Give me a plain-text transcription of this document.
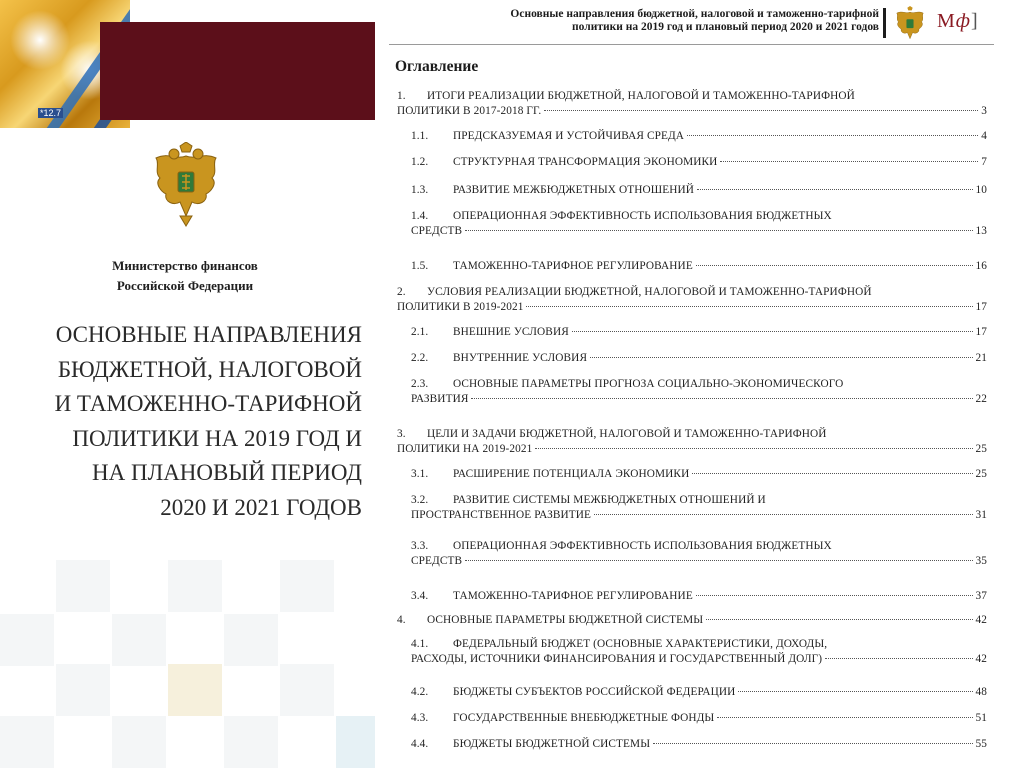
*12.7
Министерство финансов
Российской Федерации
ОСНОВНЫЕ НАПРАВЛЕНИЯ
БЮДЖЕТНОЙ, НАЛОГОВОЙ
И ТАМОЖЕННО-ТАРИФНОЙ
ПОЛИТИКИ НА 2019 ГОД И
НА ПЛАНОВЫЙ ПЕРИОД
2020 И 2021 ГОДОВ
Основные направления бюджетной, налоговой и таможенно-тарифной
политики на 2019 год и плановый период 2020 и 2021 годов	Мф]
Оглавление
1. ИТОГИ РЕАЛИЗАЦИИ БЮДЖЕТНОЙ, НАЛОГОВОЙ И ТАМОЖЕННО-ТАРИФНОЙ
ПОЛИТИКИ В 2017-2018 ГГ.	3
1.1. ПРЕДСКАЗУЕМАЯ И УСТОЙЧИВАЯ СРЕДА	4
1.2. СТРУКТУРНАЯ ТРАНСФОРМАЦИЯ ЭКОНОМИКИ	7
1.3. РАЗВИТИЕ МЕЖБЮДЖЕТНЫХ ОТНОШЕНИЙ	10
1.4. ОПЕРАЦИОННАЯ ЭФФЕКТИВНОСТЬ ИСПОЛЬЗОВАНИЯ БЮДЖЕТНЫХ
СРЕДСТВ	13
1.5. ТАМОЖЕННО-ТАРИФНОЕ РЕГУЛИРОВАНИЕ	16
2. УСЛОВИЯ РЕАЛИЗАЦИИ БЮДЖЕТНОЙ, НАЛОГОВОЙ И ТАМОЖЕННО-ТАРИФНОЙ
ПОЛИТИКИ В 2019-2021	17
2.1. ВНЕШНИЕ УСЛОВИЯ	17
2.2. ВНУТРЕННИЕ УСЛОВИЯ	21
2.3. ОСНОВНЫЕ ПАРАМЕТРЫ ПРОГНОЗА СОЦИАЛЬНО-ЭКОНОМИЧЕСКОГО
РАЗВИТИЯ	22
3. ЦЕЛИ И ЗАДАЧИ БЮДЖЕТНОЙ, НАЛОГОВОЙ И ТАМОЖЕННО-ТАРИФНОЙ
ПОЛИТИКИ НА 2019-2021	25
3.1. РАСШИРЕНИЕ ПОТЕНЦИАЛА ЭКОНОМИКИ	25
3.2. РАЗВИТИЕ СИСТЕМЫ МЕЖБЮДЖЕТНЫХ ОТНОШЕНИЙ И
ПРОСТРАНСТВЕННОЕ РАЗВИТИЕ	31
3.3. ОПЕРАЦИОННАЯ ЭФФЕКТИВНОСТЬ ИСПОЛЬЗОВАНИЯ БЮДЖЕТНЫХ
СРЕДСТВ	35
3.4. ТАМОЖЕННО-ТАРИФНОЕ РЕГУЛИРОВАНИЕ	37
4. ОСНОВНЫЕ ПАРАМЕТРЫ БЮДЖЕТНОЙ СИСТЕМЫ	42
4.1. ФЕДЕРАЛЬНЫЙ БЮДЖЕТ (ОСНОВНЫЕ ХАРАКТЕРИСТИКИ, ДОХОДЫ,
РАСХОДЫ, ИСТОЧНИКИ ФИНАНСИРОВАНИЯ И ГОСУДАРСТВЕННЫЙ ДОЛГ)	42
4.2. БЮДЖЕТЫ СУБЪЕКТОВ РОССИЙСКОЙ ФЕДЕРАЦИИ	48
4.3. ГОСУДАРСТВЕННЫЕ ВНЕБЮДЖЕТНЫЕ ФОНДЫ	51
4.4. БЮДЖЕТЫ БЮДЖЕТНОЙ СИСТЕМЫ	55
